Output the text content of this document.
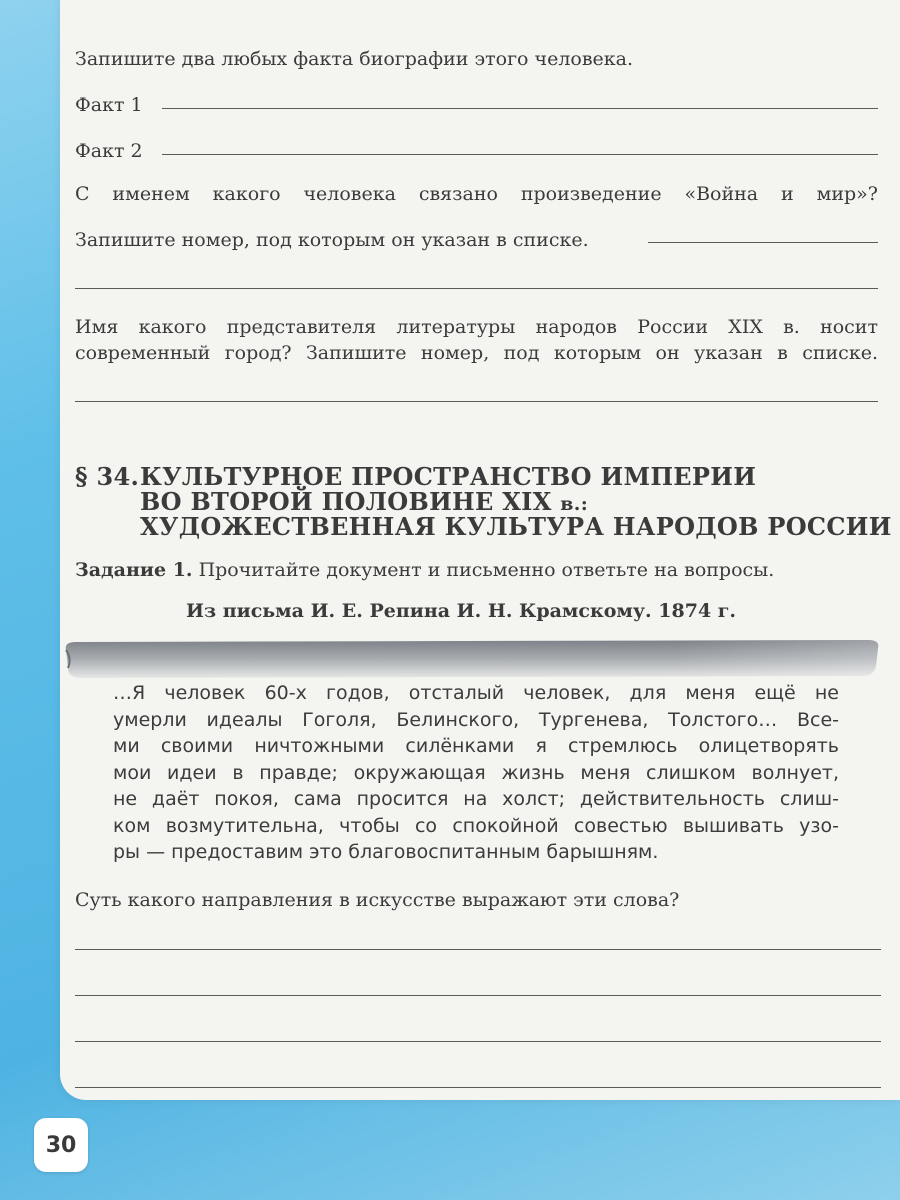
Запишите два любых факта биографии этого человека.
Факт 1
Факт 2
С именем какого человека связано произведение «Война и мир»?
Запишите номер, под которым он указан в списке.
Имя какого представителя литературы народов России XIX в. носит
современный город? Запишите номер, под которым он указан в списке.
§ 34. КУЛЬТУРНОЕ ПРОСТРАНСТВО ИМПЕРИИ
ВО ВТОРОЙ ПОЛОВИНЕ XIX в.:
ХУДОЖЕСТВЕННАЯ КУЛЬТУРА НАРОДОВ РОССИИ
Задание 1. Прочитайте документ и письменно ответьте на вопросы.
Из письма И. Е. Репина И. Н. Крамскому. 1874 г.
…Я человек 60-х годов, отсталый человек, для меня ещё не
умерли идеалы Гоголя, Белинского, Тургенева, Толстого… Все-
ми своими ничтожными силёнками я стремлюсь олицетворять
мои идеи в правде; окружающая жизнь меня слишком волнует,
не даёт покоя, сама просится на холст; действительность слиш-
ком возмутительна, чтобы со спокойной совестью вышивать узо-
ры — предоставим это благовоспитанным барышням.
Суть какого направления в искусстве выражают эти слова?
30
